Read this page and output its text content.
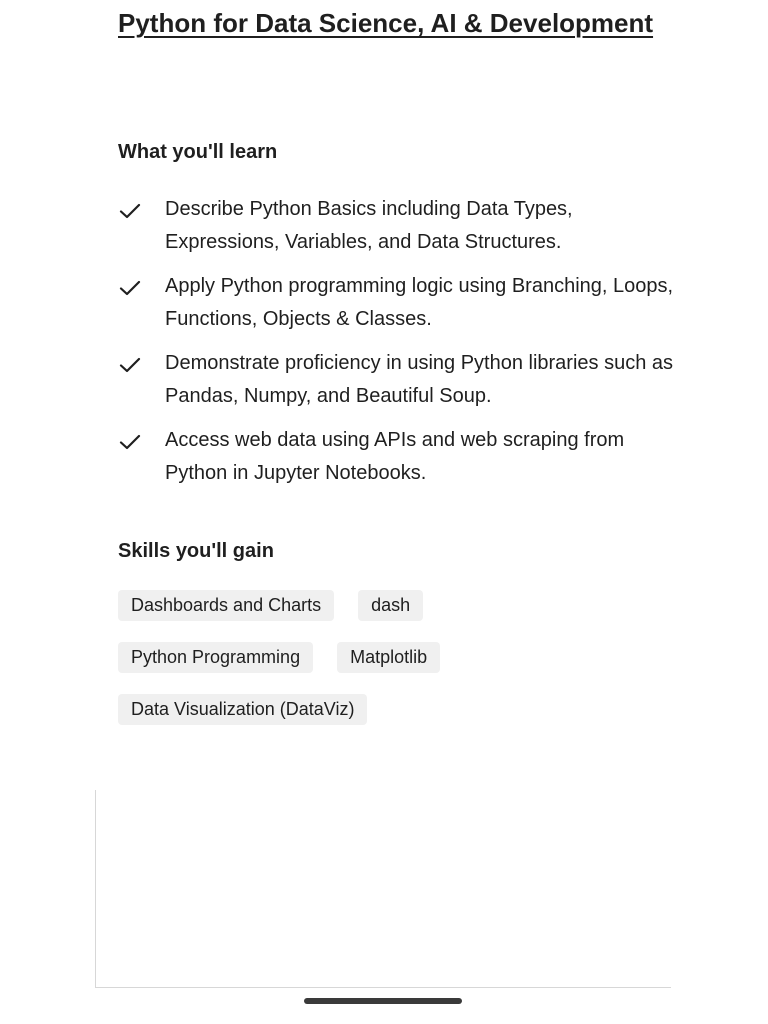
Python for Data Science, AI & Development
What you'll learn
Describe Python Basics including Data Types, Expressions, Variables, and Data Structures.
Apply Python programming logic using Branching, Loops, Functions, Objects & Classes.
Demonstrate proficiency in using Python libraries such as Pandas, Numpy, and Beautiful Soup.
Access web data using APIs and web scraping from Python in Jupyter Notebooks.
Skills you'll gain
Dashboards and Charts	dash
Python Programming	Matplotlib
Data Visualization (DataViz)
